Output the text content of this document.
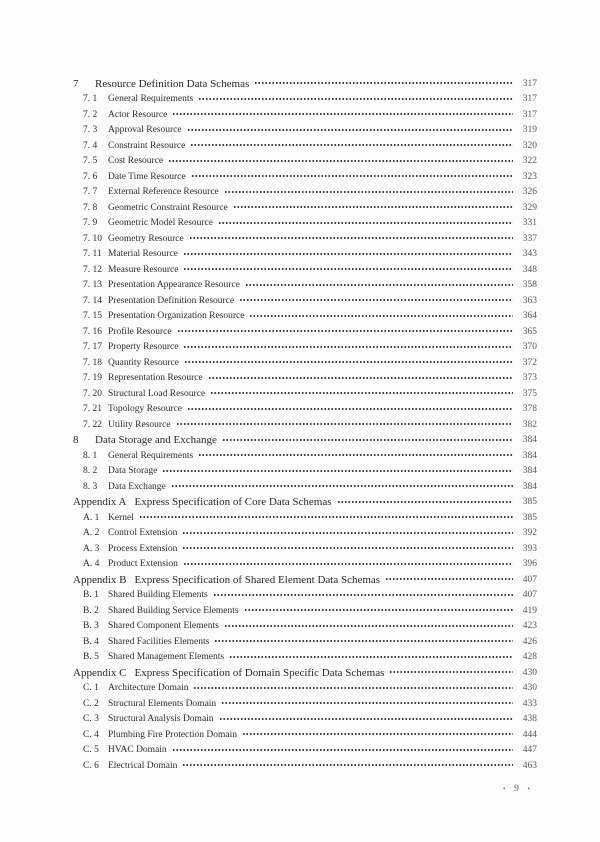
7	Resource Definition Data Schemas	317
7. 1	General Requirements	317
7. 2	Actor Resource	317
7. 3	Approval Resource	319
7. 4	Constraint Resource	320
7. 5	Cost Resource	322
7. 6	Date Time Resource	323
7. 7	External Reference Resource	326
7. 8	Geometric Constraint Resource	329
7. 9	Geometric Model Resource	331
7. 10 Geometry Resource	337
7. 11 Material Resource	343
7. 12 Measure Resource	348
7. 13 Presentation Appearance Resource	358
7. 14 Presentation Definition Resource	363
7. 15 Presentation Organization Resource	364
7. 16 Profile Resource	365
7. 17 Property Resource	370
7. 18 Quantity Resource	372
7. 19 Representation Resource	373
7. 20 Structural Load Resource	375
7. 21 Topology Resource	378
7. 22 Utility Resource	382
8	Data Storage and Exchange	384
8. 1	General Requirements	384
8. 2	Data Storage	384
8. 3	Data Exchange	384
Appendix A Express Specification of Core Data Schemas	385
A. 1 Kernel	385
A. 2 Control Extension	392
A. 3 Process Extension	393
A. 4 Product Extension	396
Appendix B Express Specification of Shared Element Data Schemas	407
B. 1 Shared Building Elements	407
B. 2 Shared Building Service Elements	419
B. 3 Shared Component Elements	423
B. 4 Shared Facilities Elements	426
B. 5 Shared Management Elements	428
Appendix C Express Specification of Domain Specific Data Schemas	430
C. 1 Architecture Domain	430
C. 2 Structural Elements Domain	433
C. 3 Structural Analysis Domain	438
C. 4 Plumbing Fire Protection Domain	444
C. 5 HVAC Domain	447
C. 6 Electrical Domain	463
• 9 •
